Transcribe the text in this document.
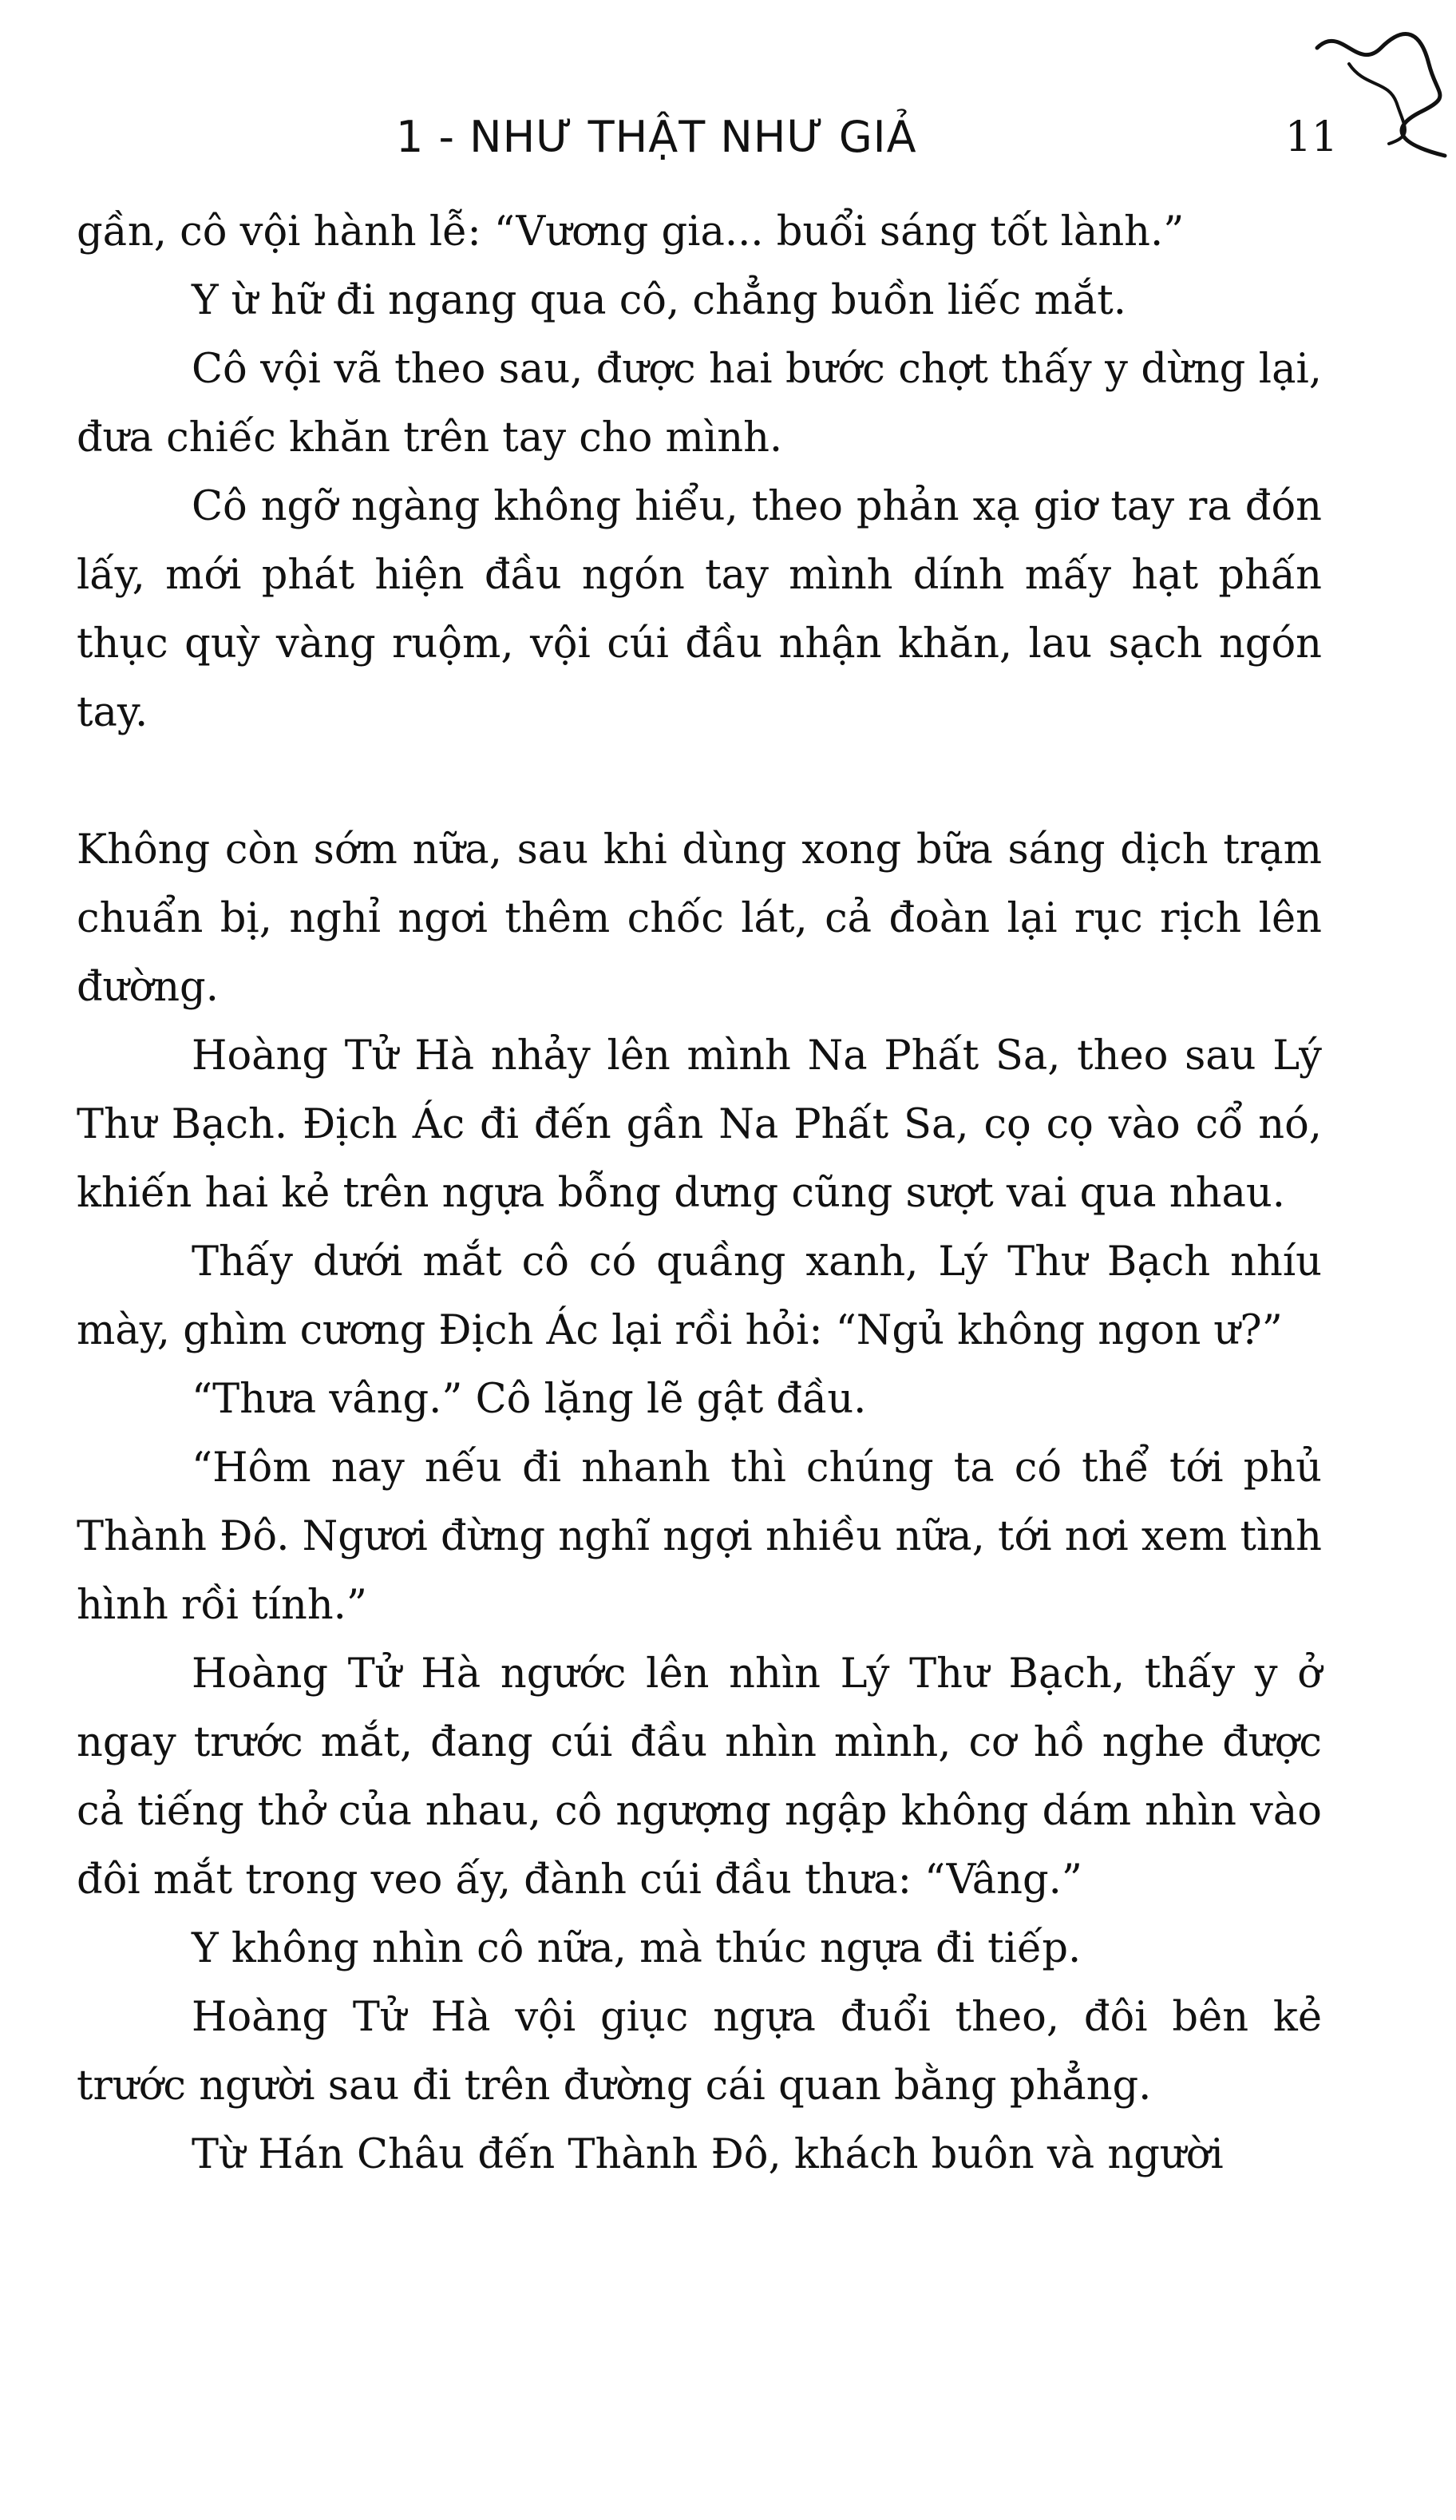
1 - NHƯ THẬT NHƯ GIẢ	11

gần, cô vội hành lễ: “Vương gia... buổi sáng tốt lành.”

Y ừ hữ đi ngang qua cô, chẳng buồn liếc mắt.

Cô vội vã theo sau, được hai bước chợt thấy y dừng lại, đưa chiếc khăn trên tay cho mình.

Cô ngỡ ngàng không hiểu, theo phản xạ giơ tay ra đón lấy, mới phát hiện đầu ngón tay mình dính mấy hạt phấn thục quỳ vàng ruộm, vội cúi đầu nhận khăn, lau sạch ngón tay.

Không còn sớm nữa, sau khi dùng xong bữa sáng dịch trạm chuẩn bị, nghỉ ngơi thêm chốc lát, cả đoàn lại rục rịch lên đường.

Hoàng Tử Hà nhảy lên mình Na Phất Sa, theo sau Lý Thư Bạch. Địch Ác đi đến gần Na Phất Sa, cọ cọ vào cổ nó, khiến hai kẻ trên ngựa bỗng dưng cũng sượt vai qua nhau.

Thấy dưới mắt cô có quầng xanh, Lý Thư Bạch nhíu mày, ghìm cương Địch Ác lại rồi hỏi: “Ngủ không ngon ư?”

“Thưa vâng.” Cô lặng lẽ gật đầu.

“Hôm nay nếu đi nhanh thì chúng ta có thể tới phủ Thành Đô. Ngươi đừng nghĩ ngợi nhiều nữa, tới nơi xem tình hình rồi tính.”

Hoàng Tử Hà ngước lên nhìn Lý Thư Bạch, thấy y ở ngay trước mắt, đang cúi đầu nhìn mình, cơ hồ nghe được cả tiếng thở của nhau, cô ngượng ngập không dám nhìn vào đôi mắt trong veo ấy, đành cúi đầu thưa: “Vâng.”

Y không nhìn cô nữa, mà thúc ngựa đi tiếp.

Hoàng Tử Hà vội giục ngựa đuổi theo, đôi bên kẻ trước người sau đi trên đường cái quan bằng phẳng.

Từ Hán Châu đến Thành Đô, khách buôn và người
